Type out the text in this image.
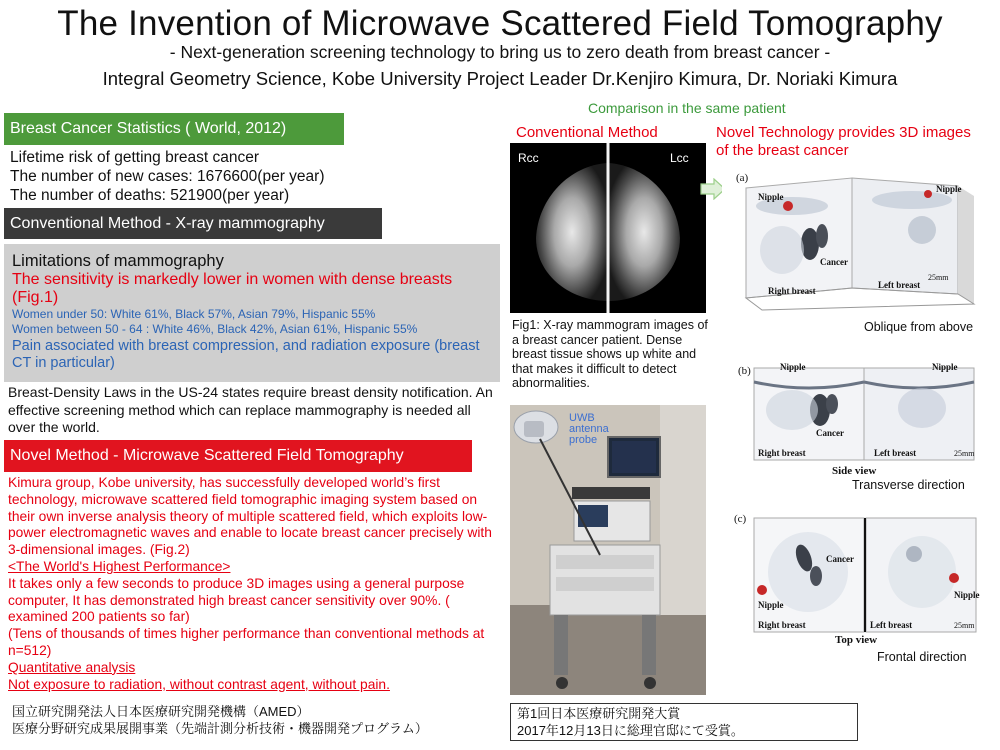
The Invention of Microwave Scattered Field Tomography
- Next-generation screening technology to bring us to zero death from breast cancer -
Integral Geometry Science, Kobe University Project Leader Dr.Kenjiro Kimura, Dr. Noriaki Kimura
Breast Cancer Statistics ( World, 2012)
Lifetime risk of getting breast cancer
The number of new cases: 1676600(per year)
The number of deaths: 521900(per year)
Conventional Method - X-ray mammography
Limitations of mammography
The sensitivity is markedly lower in women with dense breasts (Fig.1)
Women under 50: White 61%, Black 57%, Asian 79%, Hispanic 55%
Women between 50 - 64 : White 46%, Black 42%, Asian 61%, Hispanic 55%
Pain associated with breast compression, and radiation exposure (breast CT in particular)
Breast-Density Laws in the US-24 states require breast density notification. An effective screening method which can replace mammography is needed all over the world.
Novel Method - Microwave Scattered Field Tomography
Kimura group, Kobe university, has successfully developed world’s first technology, microwave scattered field tomographic imaging system based on their own inverse analysis theory of multiple scattered field, which exploits low-power electromagnetic waves and enable to locate breast cancer precisely with 3-dimensional images. (Fig.2)
<The World's Highest Performance>
It takes only a few seconds to produce 3D images using a general purpose computer, It has demonstrated high breast cancer sensitivity over 90%. ( examined 200 patients so far)
(Tens of thousands of times higher performance than conventional methods at n=512)
Quantitative analysis
Not exposure to radiation, without contrast agent, without pain.
国立研究開発法人日本医療研究開発機構（AMED）
医療分野研究成果展開事業（先端計測分析技術・機器開発プログラム）
第1回日本医療研究開発大賞
2017年12月13日に総理官邸にて受賞。
Comparison in the same patient
Conventional Method	Novel Technology provides 3D images of the breast cancer
Rcc	Lcc
Fig1: X-ray mammogram images of a breast cancer patient. Dense breast tissue shows up white and that makes it difficult to detect abnormalities.
UWB
antenna
probe
(a)
Nipple
Nipple
Cancer
Right breast
Left breast
25mm
Oblique from above
(b)	Nipple	Nipple
Cancer
Right breast	Left breast	25mm
Side view
Transverse direction
(c)
Nipple
Nipple
Cancer
Right breast	Left breast	25mm
Top view
Frontal direction
